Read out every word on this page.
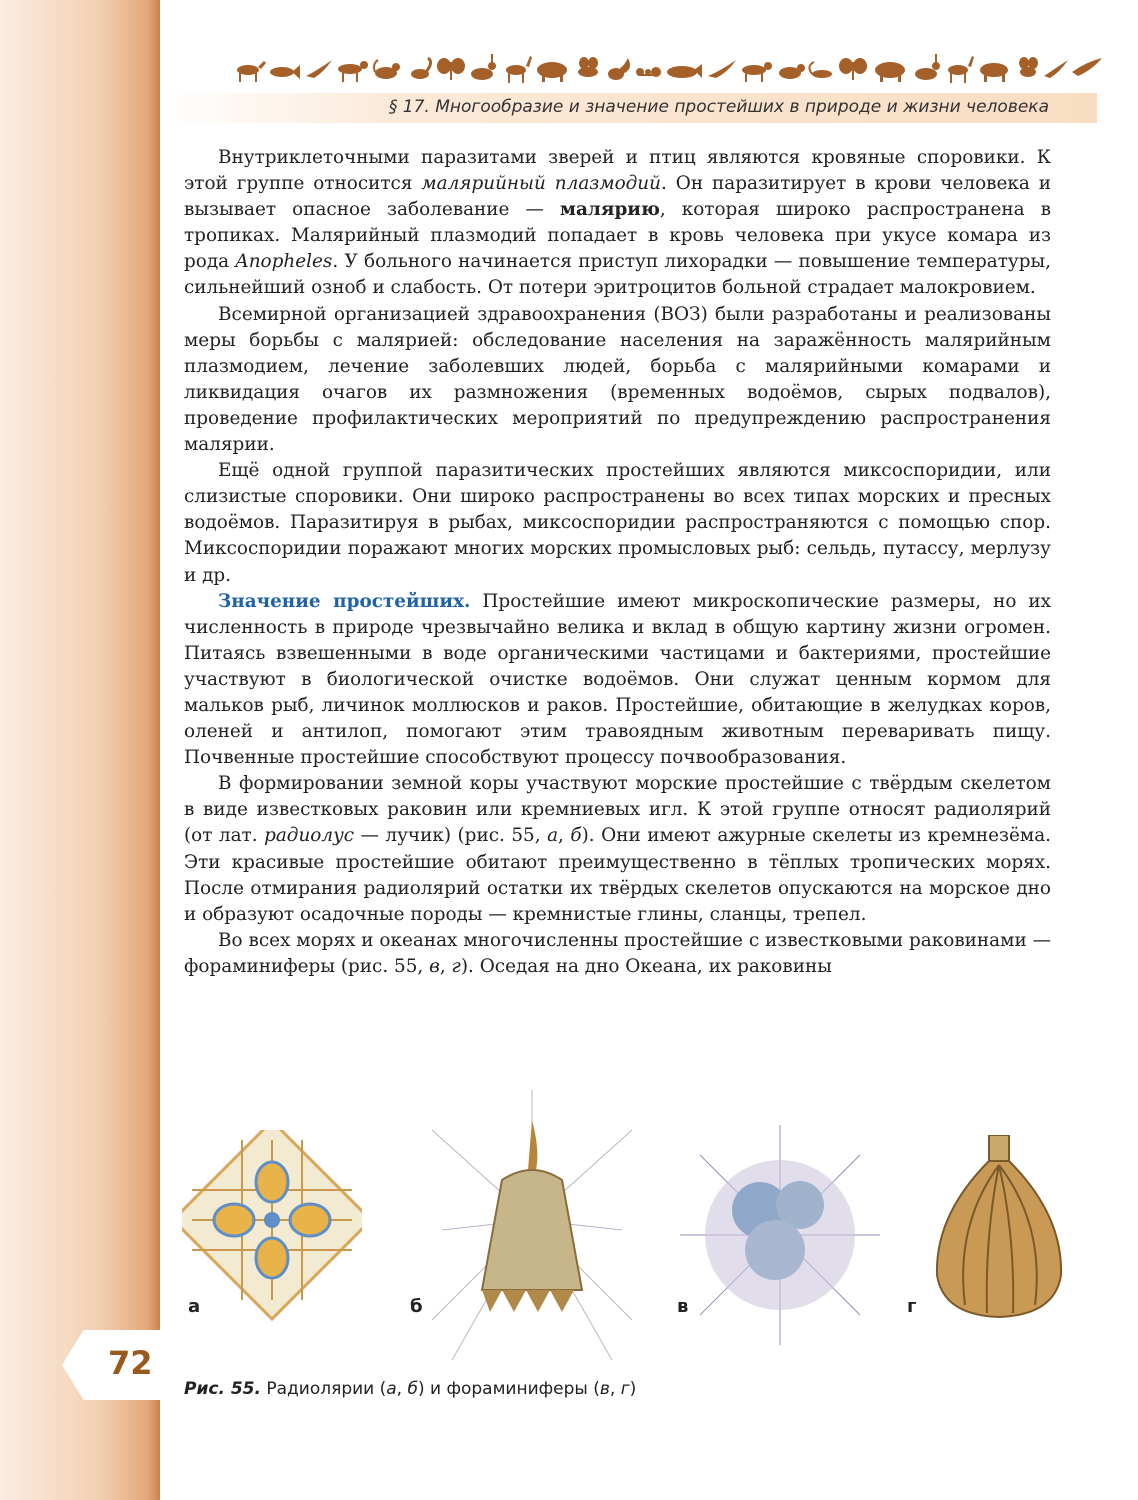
§ 17. Многообразие и значение простейших в природе и жизни человека

Внутриклеточными паразитами зверей и птиц являются кровяные споровики. К этой группе относится малярийный плазмодий. Он паразитирует в крови человека и вызывает опасное заболевание — малярию, которая широко распространена в тропиках. Малярийный плазмодий попадает в кровь человека при укусе комара из рода Anopheles. У больного начинается приступ лихорадки — повышение температуры, сильнейший озноб и слабость. От потери эритроцитов больной страдает малокровием.

Всемирной организацией здравоохранения (ВОЗ) были разработаны и реализованы меры борьбы с малярией: обследование населения на заражённость малярийным плазмодием, лечение заболевших людей, борьба с малярийными комарами и ликвидация очагов их размножения (временных водоёмов, сырых подвалов), проведение профилактических мероприятий по предупреждению распространения малярии.

Ещё одной группой паразитических простейших являются миксоспоридии, или слизистые споровики. Они широко распространены во всех типах морских и пресных водоёмов. Паразитируя в рыбах, миксоспоридии распространяются с помощью спор. Миксоспоридии поражают многих морских промысловых рыб: сельдь, путассу, мерлузу и др.

Значение простейших. Простейшие имеют микроскопические размеры, но их численность в природе чрезвычайно велика и вклад в общую картину жизни огромен. Питаясь взвешенными в воде органическими частицами и бактериями, простейшие участвуют в биологической очистке водоёмов. Они служат ценным кормом для мальков рыб, личинок моллюсков и раков. Простейшие, обитающие в желудках коров, оленей и антилоп, помогают этим травоядным животным переваривать пищу. Почвенные простейшие способствуют процессу почвообразования.

В формировании земной коры участвуют морские простейшие с твёрдым скелетом в виде известковых раковин или кремниевых игл. К этой группе относят радиолярий (от лат. радиолус — лучик) (рис. 55, а, б). Они имеют ажурные скелеты из кремнезёма. Эти красивые простейшие обитают преимущественно в тёплых тропических морях. После отмирания радиолярий остатки их твёрдых скелетов опускаются на морское дно и образуют осадочные породы — кремнистые глины, сланцы, трепел.

Во всех морях и океанах многочисленны простейшие с известковыми раковинами — фораминиферы (рис. 55, в, г). Оседая на дно Океана, их раковины

а	б	в	г
72
Рис. 55. Радиолярии (а, б) и фораминиферы (в, г)
